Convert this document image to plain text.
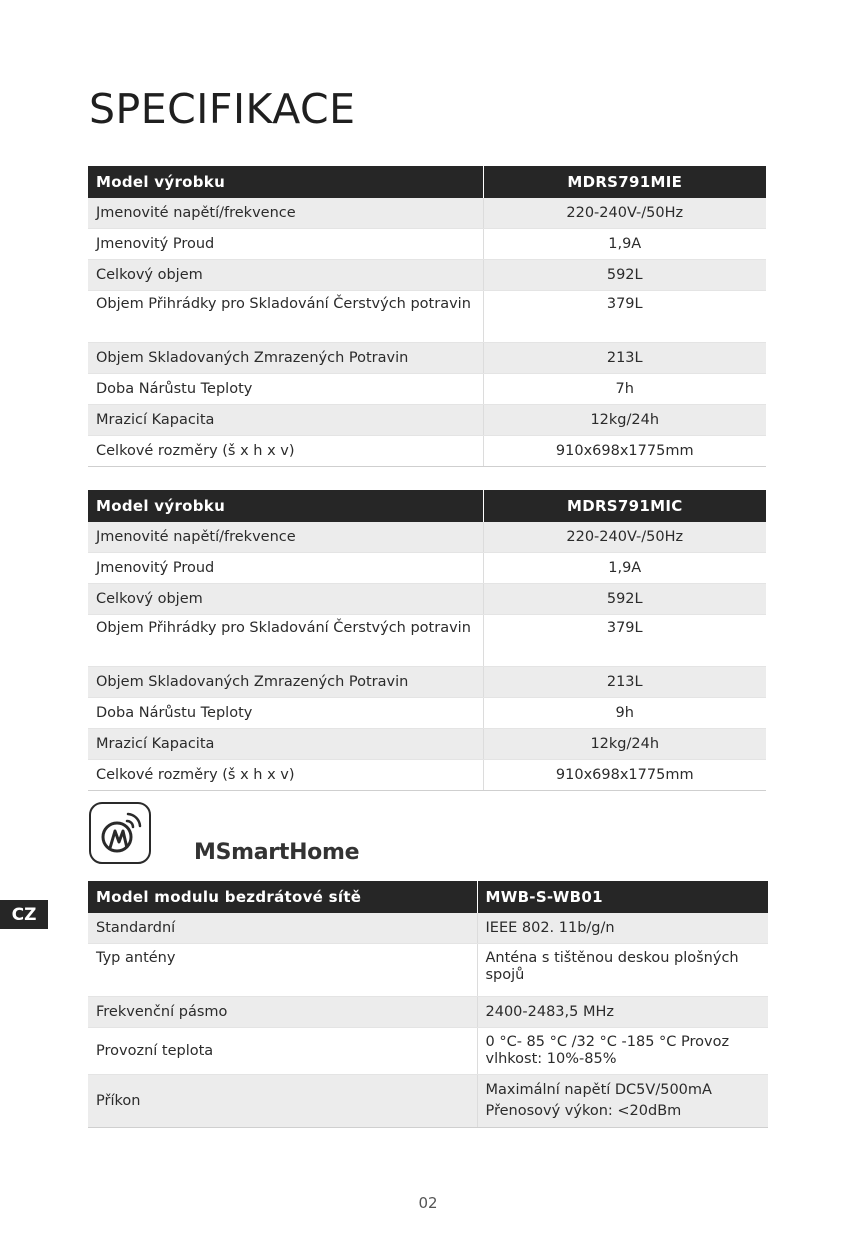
SPECIFIKACE
Model výrobku	MDRS791MIE
Jmenovité napětí/frekvence	220-240V-/50Hz
Jmenovitý Proud	1,9A
Celkový objem	592L
Objem Přihrádky pro Skladování Čerstvých potravin	379L
Objem Skladovaných Zmrazených Potravin	213L
Doba Nárůstu Teploty	7h
Mrazicí Kapacita	12kg/24h
Celkové rozměry (š x h x v)	910x698x1775mm
Model výrobku	MDRS791MIC
Jmenovité napětí/frekvence	220-240V-/50Hz
Jmenovitý Proud	1,9A
Celkový objem	592L
Objem Přihrádky pro Skladování Čerstvých potravin	379L
Objem Skladovaných Zmrazených Potravin	213L
Doba Nárůstu Teploty	9h
Mrazicí Kapacita	12kg/24h
Celkové rozměry (š x h x v)	910x698x1775mm
MSmartHome
CZ
Model modulu bezdrátové sítě	MWB-S-WB01
Standardní	IEEE 802. 11b/g/n
Typ antény	Anténa s tištěnou deskou plošných spojů
Frekvenční pásmo	2400-2483,5 MHz
Provozní teplota	0 °C- 85 °C /32 °C -185 °C Provoz vlhkost: 10%-85%
Příkon	Maximální napětí DC5V/500mA
Přenosový výkon: <20dBm
02
